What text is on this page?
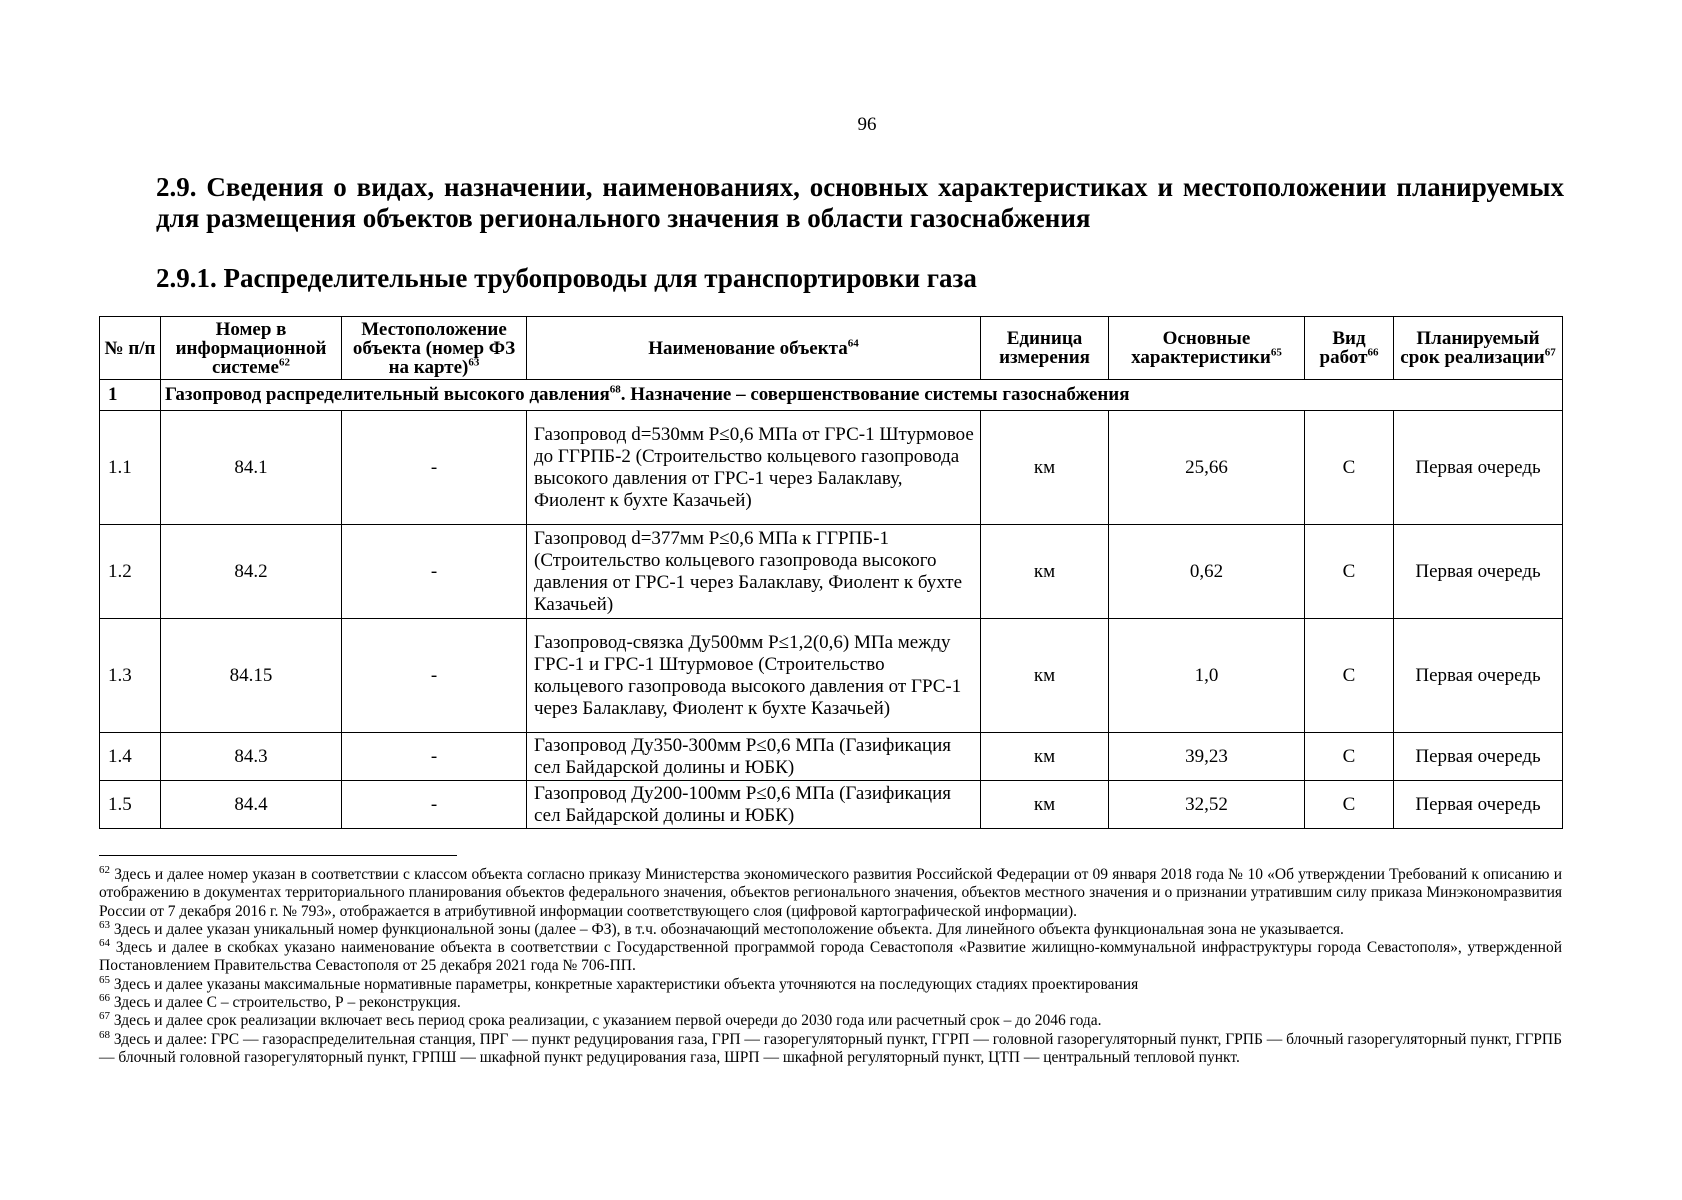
96
2.9. Сведения о видах, назначении, наименованиях, основных характеристиках и местоположении планируемых для размещения объектов регионального значения в области газоснабжения
2.9.1. Распределительные трубопроводы для транспортировки газа
№ п/п	Номер в информационной системе$^{62}$	Местоположение объекта (номер ФЗ на карте)$^{63}$	Наименование объекта$^{64}$	Единица измерения	Основные характеристики$^{65}$	Вид работ$^{66}$	Планируемый срок реализации$^{67}$
1	Газопровод распределительный высокого давления$^{68}$. Назначение – совершенствование системы газоснабжения						
1.1	84.1	-	Газопровод d=530мм P≤0,6 МПа от ГРС-1 Штурмовое до ГГРПБ-2 (Строительство кольцевого газопровода высокого давления от ГРС-1 через Балаклаву, Фиолент к бухте Казачьей)	км	25,66	С	Первая очередь
1.2	84.2	-	Газопровод d=377мм P≤0,6 МПа к ГГРПБ-1 (Строительство кольцевого газопровода высокого давления от ГРС-1 через Балаклаву, Фиолент к бухте Казачьей)	км	0,62	С	Первая очередь
1.3	84.15	-	Газопровод-связка Ду500мм P≤1,2(0,6) МПа между ГРС-1 и ГРС-1 Штурмовое (Строительство кольцевого газопровода высокого давления от ГРС-1 через Балаклаву, Фиолент к бухте Казачьей)	км	1,0	С	Первая очередь
1.4	84.3	-	Газопровод Ду350-300мм P≤0,6 МПа (Газификация сел Байдарской долины и ЮБК)	км	39,23	С	Первая очередь
1.5	84.4	-	Газопровод Ду200-100мм P≤0,6 МПа (Газификация сел Байдарской долины и ЮБК)	км	32,52	С	Первая очередь

$^{62}$ Здесь и далее номер указан в соответствии с классом объекта согласно приказу Министерства экономического развития Российской Федерации от 09 января 2018 года № 10 «Об утверждении Требований к описанию и отображению в документах территориального планирования объектов федерального значения, объектов регионального значения, объектов местного значения и о признании утратившим силу приказа Минэкономразвития России от 7 декабря 2016 г. № 793», отображается в атрибутивной информации соответствующего слоя (цифровой картографической информации).

$^{63}$ Здесь и далее указан уникальный номер функциональной зоны (далее – ФЗ), в т.ч. обозначающий местоположение объекта. Для линейного объекта функциональная зона не указывается.

$^{64}$ Здесь и далее в скобках указано наименование объекта в соответствии с Государственной программой города Севастополя «Развитие жилищно-коммунальной инфраструктуры города Севастополя», утвержденной Постановлением Правительства Севастополя от 25 декабря 2021 года № 706-ПП.

$^{65}$ Здесь и далее указаны максимальные нормативные параметры, конкретные характеристики объекта уточняются на последующих стадиях проектирования

$^{66}$ Здесь и далее С – строительство, Р – реконструкция.

$^{67}$ Здесь и далее срок реализации включает весь период срока реализации, с указанием первой очереди до 2030 года или расчетный срок – до 2046 года.

$^{68}$ Здесь и далее: ГРС — газораспределительная станция, ПРГ — пункт редуцирования газа, ГРП — газорегуляторный пункт, ГГРП — головной газорегуляторный пункт, ГРПБ — блочный газорегуляторный пункт, ГГРПБ — блочный головной газорегуляторный пункт, ГРПШ — шкафной пункт редуцирования газа, ШРП — шкафной регуляторный пункт, ЦТП — центральный тепловой пункт.
